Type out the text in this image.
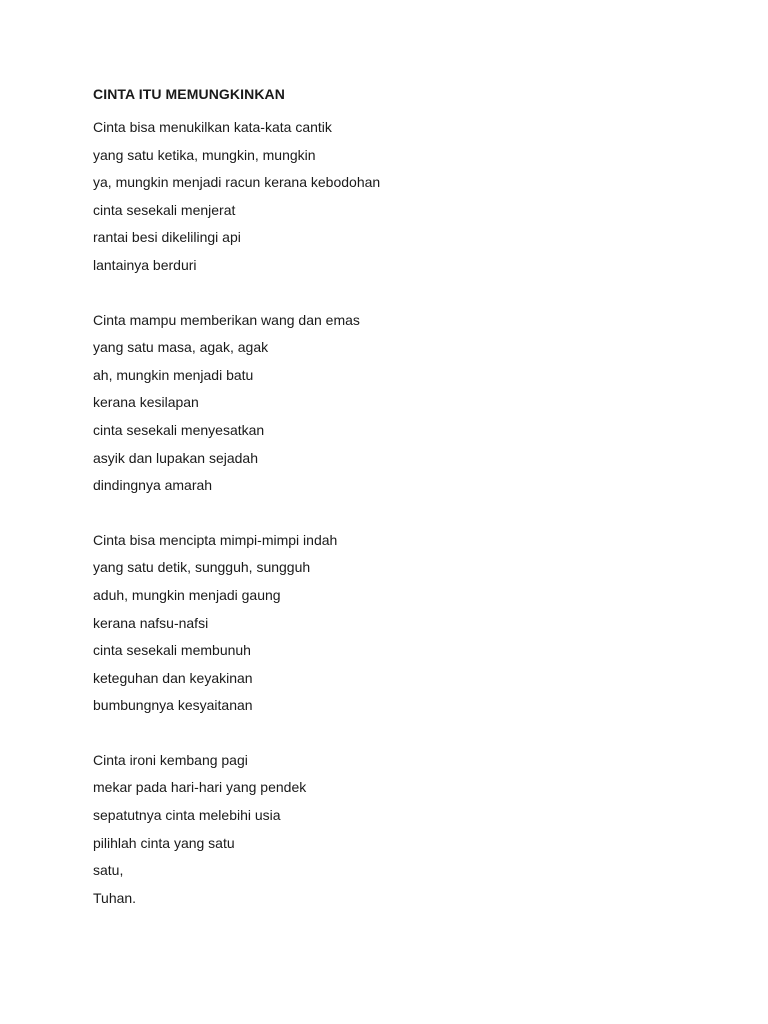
CINTA ITU MEMUNGKINKAN
Cinta bisa menukilkan kata-kata cantik
yang satu ketika, mungkin, mungkin
ya, mungkin menjadi racun kerana kebodohan
cinta sesekali menjerat
rantai besi dikelilingi api
lantainya berduri
Cinta mampu memberikan wang dan emas
yang satu masa, agak, agak
ah, mungkin menjadi batu
kerana kesilapan
cinta sesekali menyesatkan
asyik dan lupakan sejadah
dindingnya amarah
Cinta bisa mencipta mimpi-mimpi indah
yang satu detik, sungguh, sungguh
aduh, mungkin menjadi gaung
kerana nafsu-nafsi
cinta sesekali membunuh
keteguhan dan keyakinan
bumbungnya kesyaitanan
Cinta ironi kembang pagi
mekar pada hari-hari yang pendek
sepatutnya cinta melebihi usia
pilihlah cinta yang satu
satu,
Tuhan.
